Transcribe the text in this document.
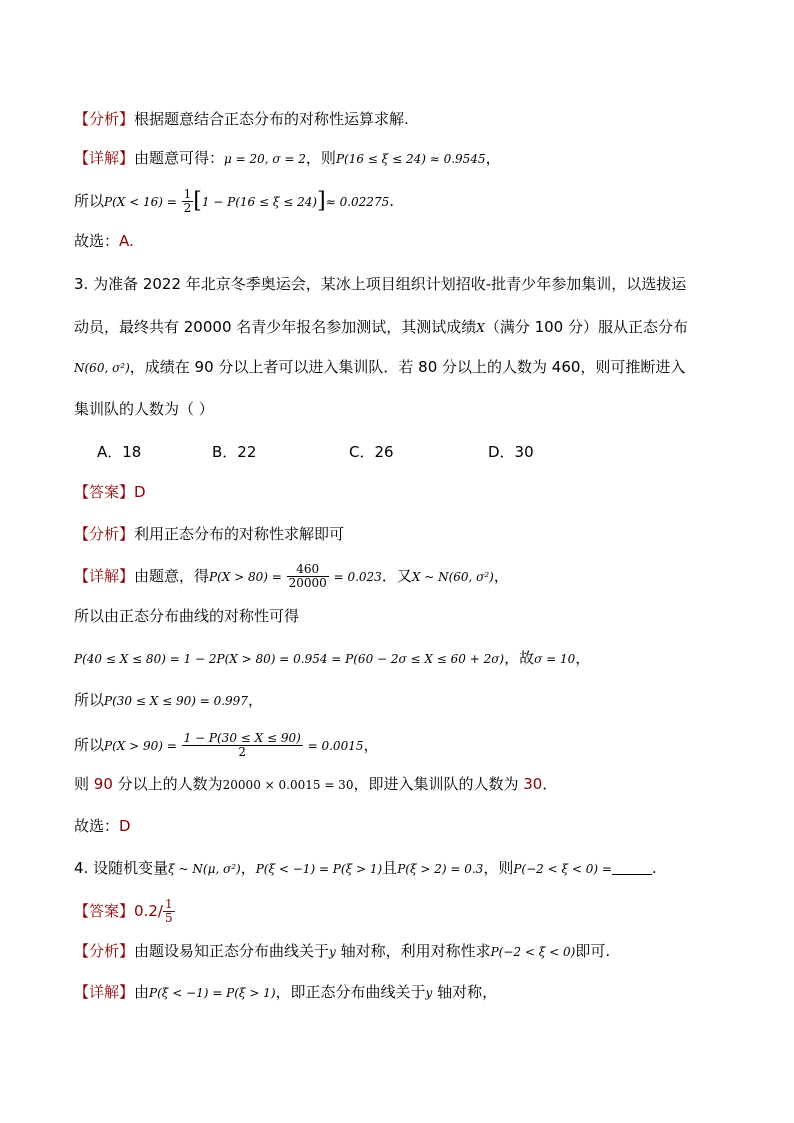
【分析】根据题意结合正态分布的对称性运算求解.
【详解】由题意可得：μ = 20, σ = 2，则P(16 ≤ ξ ≤ 24) ≈ 0.9545，
所以$P(X < 16) = \frac{1}{2} [1 - P(16 \le \xi \le 24)]\approx 0.02275$.
故选：A.
3. 为准备 2022 年北京冬季奥运会，某冰上项目组织计划招收-批青少年参加集训，以选拔运
动员，最终共有 20000 名青少年报名参加测试，其测试成绩X（满分 100 分）服从正态分布
N(60, σ²)，成绩在 90 分以上者可以进入集训队．若 80 分以上的人数为 460，则可推断进入
集训队的人数为（ ）
A．18	B．22	C．26	D．30
【答案】D
【分析】利用正态分布的对称性求解即可
【详解】由题意，得$P(X > 80) = \frac{460}{20000} = 0.023$．又X ~ N(60, σ²)，
所以由正态分布曲线的对称性可得
P(40 ≤ X ≤ 80) = 1 − 2P(X > 80) = 0.954 = P(60 − 2σ ≤ X ≤ 60 + 2σ)，故σ = 10，
所以P(30 ≤ X ≤ 90) = 0.997，
所以$P(X > 90) = \frac{1 - P(30 \le X \le 90)}{2} = 0.0015$，
则 90 分以上的人数为20000 × 0.0015 = 30，即进入集训队的人数为 30．
故选：D
4. 设随机变量ξ ~ N(μ, σ²)，P(ξ < −1) = P(ξ > 1)且P(ξ > 2) = 0.3，则P(−2 < ξ < 0) =	.
【答案】$0.2/ \frac{1}{5}$
【分析】由题设易知正态分布曲线关于y 轴对称，利用对称性求P(−2 < ξ < 0)即可.
【详解】由P(ξ < −1) = P(ξ > 1)，即正态分布曲线关于y 轴对称，
